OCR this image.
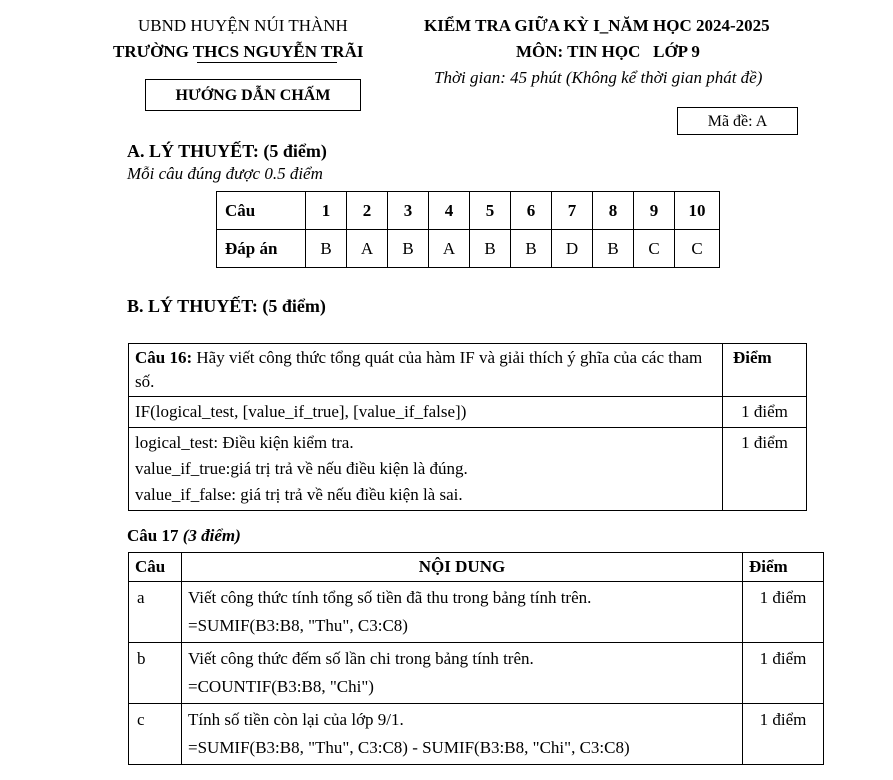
UBND HUYỆN NÚI THÀNH
TRƯỜNG THCS NGUYỄN TRÃI
KIỂM TRA GIỮA KỲ I_NĂM HỌC 2024-2025
MÔN: TIN HỌC   LỚP 9
Thời gian: 45 phút (Không kể thời gian phát đề)
HƯỚNG DẪN CHẤM
Mã đề: A
A. LÝ THUYẾT: (5 điểm)
Mỗi câu đúng được 0.5 điểm
Câu	1	2	3	4	5	6	7	8	9	10
Đáp án	B	A	B	A	B	B	D	B	C	C
B. LÝ THUYẾT: (5 điểm)
Câu 16: Hãy viết công thức tổng quát của hàm IF và giải thích ý ghĩa của các tham số.	Điểm
IF(logical_test, [value_if_true], [value_if_false])	1 điểm

logical_test: Điều kiện kiểm tra.
value_if_true:giá trị trả về nếu điều kiện là đúng.
value_if_false: giá trị trả về nếu điều kiện là sai.	1 điểm
Câu 17 (3 điểm)
Câu	NỘI DUNG	Điểm
a	Viết công thức tính tổng số tiền đã thu trong bảng tính trên.
=SUMIF(B3:B8, "Thu", C3:C8)	1 điểm
b	Viết công thức đếm số lần chi trong bảng tính trên.
=COUNTIF(B3:B8, "Chi")	1 điểm
c	Tính số tiền còn lại của lớp 9/1.
=SUMIF(B3:B8, "Thu", C3:C8) - SUMIF(B3:B8, "Chi", C3:C8)	1 điểm
